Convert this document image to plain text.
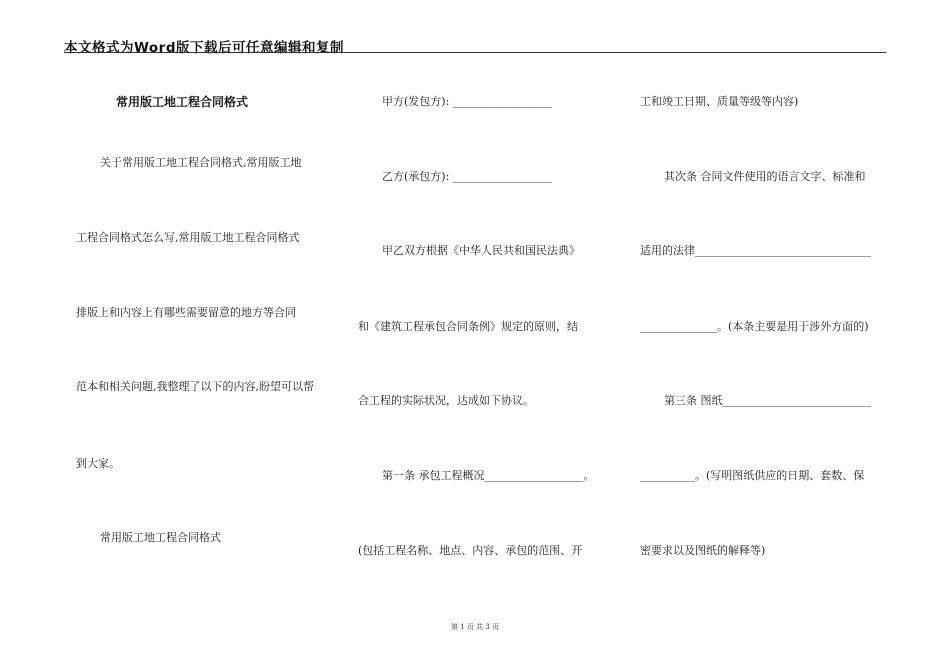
本文格式为Word版下载后可任意编辑和复制
常用版工地工程合同格式
关于常用版工地工程合同格式,常用版工地
工程合同格式怎么写,常用版工地工程合同格式
排版上和内容上有哪些需要留意的地方等合同
范本和相关问题,我整理了以下的内容,盼望可以帮
到大家。
常用版工地工程合同格式
甲方(发包方): __________________
乙方(承包方): __________________
甲乙双方根据《中华人民共和国民法典》
和《建筑工程承包合同条例》规定的原则，结
合工程的实际状况，达成如下协议。
第一条 承包工程概况__________________。
(包括工程名称、地点、内容、承包的范围、开
工和竣工日期、质量等级等内容)
其次条 合同文件使用的语言文字、标准和
适用的法律________________________________
______________。(本条主要是用于涉外方面的)
第三条 图纸___________________________
__________。(写明图纸供应的日期、套数、保
密要求以及图纸的解释等)
第 1 页 共 3 页
